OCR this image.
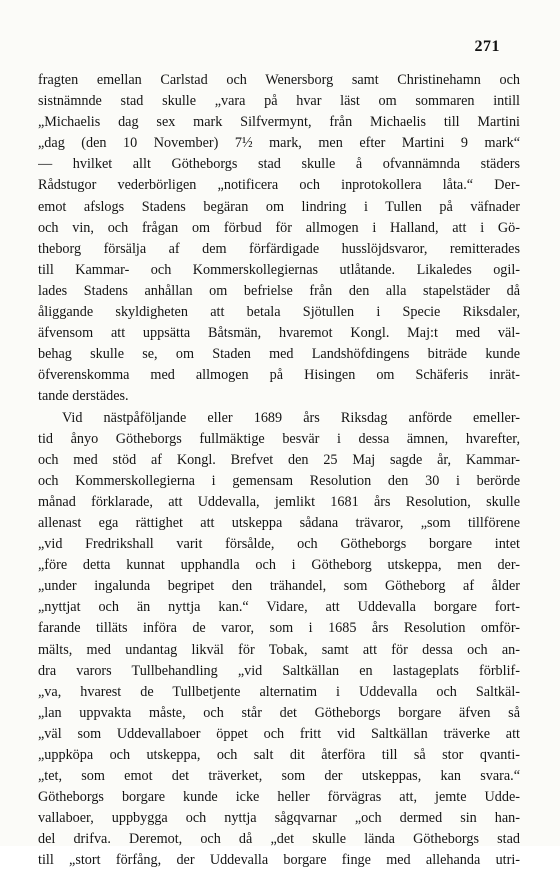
271
fragten emellan Carlstad och Wenersborg samt Christinehamn och
sistnämnde stad skulle „vara på hvar läst om sommaren intill
„Michaelis dag sex mark Silfvermynt, från Michaelis till Martini
„dag (den 10 November) 7½ mark, men efter Martini 9 mark“
— hvilket allt Götheborgs stad skulle å ofvannämnda städers
Rådstugor vederbörligen „notificera och inprotokollera låta.“ Der-
emot afslogs Stadens begäran om lindring i Tullen på väfnader
och vin, och frågan om förbud för allmogen i Halland, att i Gö-
theborg försälja af dem förfärdigade husslöjdsvaror, remitterades
till Kammar- och Kommerskollegiernas utlåtande. Likaledes ogil-
lades Stadens anhållan om befrielse från den alla stapelstäder då
åliggande skyldigheten att betala Sjötullen i Specie Riksdaler,
äfvensom att uppsätta Båtsmän, hvaremot Kongl. Maj:t med väl-
behag skulle se, om Staden med Landshöfdingens biträde kunde
öfverenskomma med allmogen på Hisingen om Schäferis inrät-
tande derstädes.
Vid nästpåföljande eller 1689 års Riksdag anförde emeller-
tid ånyo Götheborgs fullmäktige besvär i dessa ämnen, hvarefter,
och med stöd af Kongl. Brefvet den 25 Maj sagde år, Kammar-
och Kommerskollegierna i gemensam Resolution den 30 i berörde
månad förklarade, att Uddevalla, jemlikt 1681 års Resolution, skulle
allenast ega rättighet att utskeppa sådana trävaror, „som tillförene
„vid Fredrikshall varit försålde, och Götheborgs borgare intet
„före detta kunnat upphandla och i Götheborg utskeppa, men der-
„under ingalunda begripet den trähandel, som Götheborg af ålder
„nyttjat och än nyttja kan.“ Vidare, att Uddevalla borgare fort-
farande tilläts införa de varor, som i 1685 års Resolution omför-
mälts, med undantag likväl för Tobak, samt att för dessa och an-
dra varors Tullbehandling „vid Saltkällan en lastageplats förblif-
„va, hvarest de Tullbetjente alternatim i Uddevalla och Saltkäl-
„lan uppvakta måste, och står det Götheborgs borgare äfven så
„väl som Uddevallaboer öppet och fritt vid Saltkällan träverke att
„uppköpa och utskeppa, och salt dit återföra till så stor qvanti-
„tet, som emot det träverket, som der utskeppas, kan svara.“
Götheborgs borgare kunde icke heller förvägras att, jemte Udde-
vallaboer, uppbygga och nyttja sågqvarnar „och dermed sin han-
del drifva. Deremot, och då „det skulle lända Götheborgs stad
till „stort förfång, der Uddevalla borgare finge med allehanda utri-
